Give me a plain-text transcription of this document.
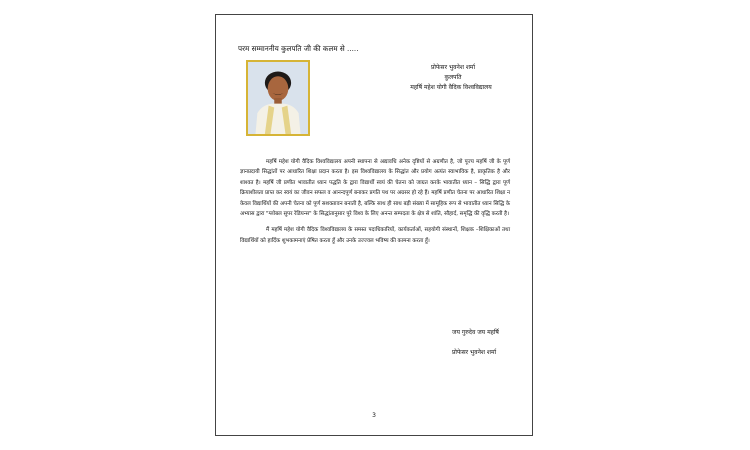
परम सम्माननीय कुलपति जी की कलम से .....
प्रोफेसर भुवनेश शर्मा
कुलपति
महर्षि महेश योगी वैदिक विश्वविद्यालय

महर्षि महेश योगी वैदिक विश्वविद्यालय अपनी स्थापना से अद्यावधि अनेक दृष्टियों से अग्रणीत है, जो पूज्य महर्षि जी के पूर्ण ज्ञानप्रदायी सिद्धांतों पर आधारित शिक्षा प्रदान करता है। इस विश्वविद्यालय के सिद्धांत और प्रयोग अत्यंत स्वाभाविक है, प्राकृतिक है और शाश्वत है। महर्षि जी प्रणीत भावातीत ध्यान पद्धति के द्वारा विद्यार्थी स्वयं की चेतना को जाग्रत करके भावातीत ध्यान – सिद्धि द्वारा पूर्ण क्रियाशीलता प्राप्त कर स्वयं का जीवन सफल व आनन्दपूर्ण बनाकर प्रगति पथ पर अग्रसर हो रहे हैं। महर्षि प्रणीत चेतना पर आधारित शिक्षा न केवल विद्यार्थियों की अपनी चेतना को पूर्ण सशक्तावन बनाती है, बल्कि साथ ही साथ बड़ी संख्या में सामूहिक रूप से भावातीत ध्यान सिद्धि के अभ्यास द्वारा "ग्लोबल सुपर रेडियन्स" के सिद्धांतानुसार पूरे विश्व के लिए अनन्त सम्पदता के क्षेत्र से शांति, सौहार्द, समृद्धि की वृद्धि करती है।

मैं महर्षि महेश योगी वैदिक विश्वविद्यालय के समस्त पदाधिकारियों, कार्यकर्ताओं, सहयोगी संस्थानों, शिक्षक –शिक्षिकाओं तथा विद्यार्थियों को हार्दिक शुभकामनाएं प्रेषित करता हूँ और उनके उज्ज्वल भविष्य की कामना करता हूँ।

जय गुरुदेव जय महर्षि
प्रोफेसर भुवनेश शर्मा
3
